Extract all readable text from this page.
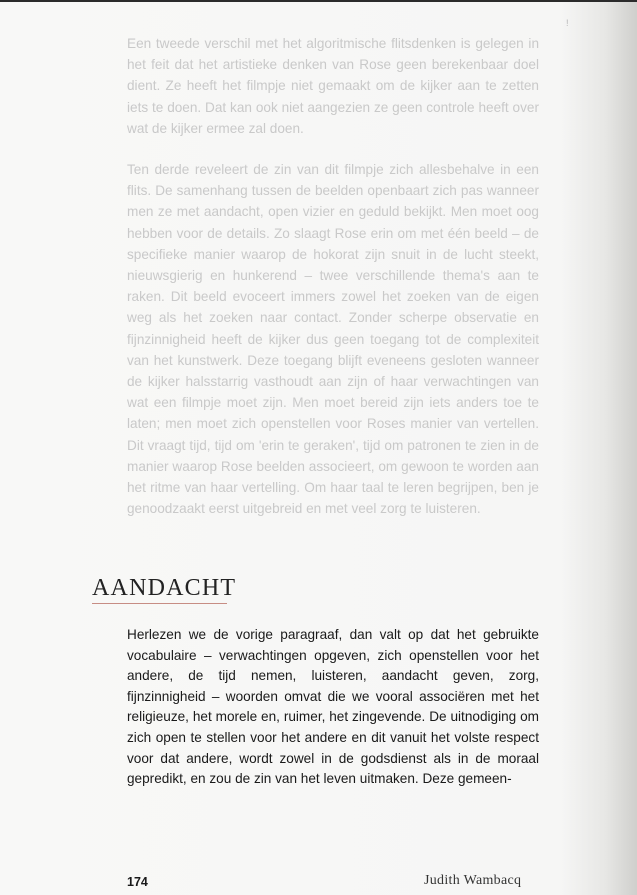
!

Een tweede verschil met het algoritmische flitsdenken is gelegen in het feit dat het artistieke denken van Rose geen berekenbaar doel dient. Ze heeft het filmpje niet gemaakt om de kijker aan te zetten iets te doen. Dat kan ook niet aangezien ze geen controle heeft over wat de kijker ermee zal doen.

Ten derde reveleert de zin van dit filmpje zich allesbehalve in een flits. De samenhang tussen de beelden openbaart zich pas wanneer men ze met aandacht, open vizier en geduld bekijkt. Men moet oog hebben voor de details. Zo slaagt Rose erin om met één beeld – de specifieke manier waarop de hokorat zijn snuit in de lucht steekt, nieuwsgierig en hunkerend – twee verschillende thema's aan te raken. Dit beeld evoceert immers zowel het zoeken van de eigen weg als het zoeken naar contact. Zonder scherpe observatie en fijnzinnigheid heeft de kijker dus geen toegang tot de complexiteit van het kunstwerk. Deze toegang blijft eveneens gesloten wanneer de kijker halsstarrig vasthoudt aan zijn of haar verwachtingen van wat een filmpje moet zijn. Men moet bereid zijn iets anders toe te laten; men moet zich openstellen voor Roses manier van vertellen. Dit vraagt tijd, tijd om 'erin te geraken', tijd om patronen te zien in de manier waarop Rose beelden associeert, om gewoon te worden aan het ritme van haar vertelling. Om haar taal te leren begrijpen, ben je genoodzaakt eerst uitgebreid en met veel zorg te luisteren.

AANDACHT

Herlezen we de vorige paragraaf, dan valt op dat het gebruikte vocabulaire – verwachtingen opgeven, zich openstellen voor het andere, de tijd nemen, luisteren, aandacht geven, zorg, fijnzinnigheid – woorden omvat die we vooral associëren met het religieuze, het morele en, ruimer, het zingevende. De uitnodiging om zich open te stellen voor het andere en dit vanuit het volste respect voor dat andere, wordt zowel in de godsdienst als in de moraal gepredikt, en zou de zin van het leven uitmaken. Deze gemeen-

174	Judith Wambacq
